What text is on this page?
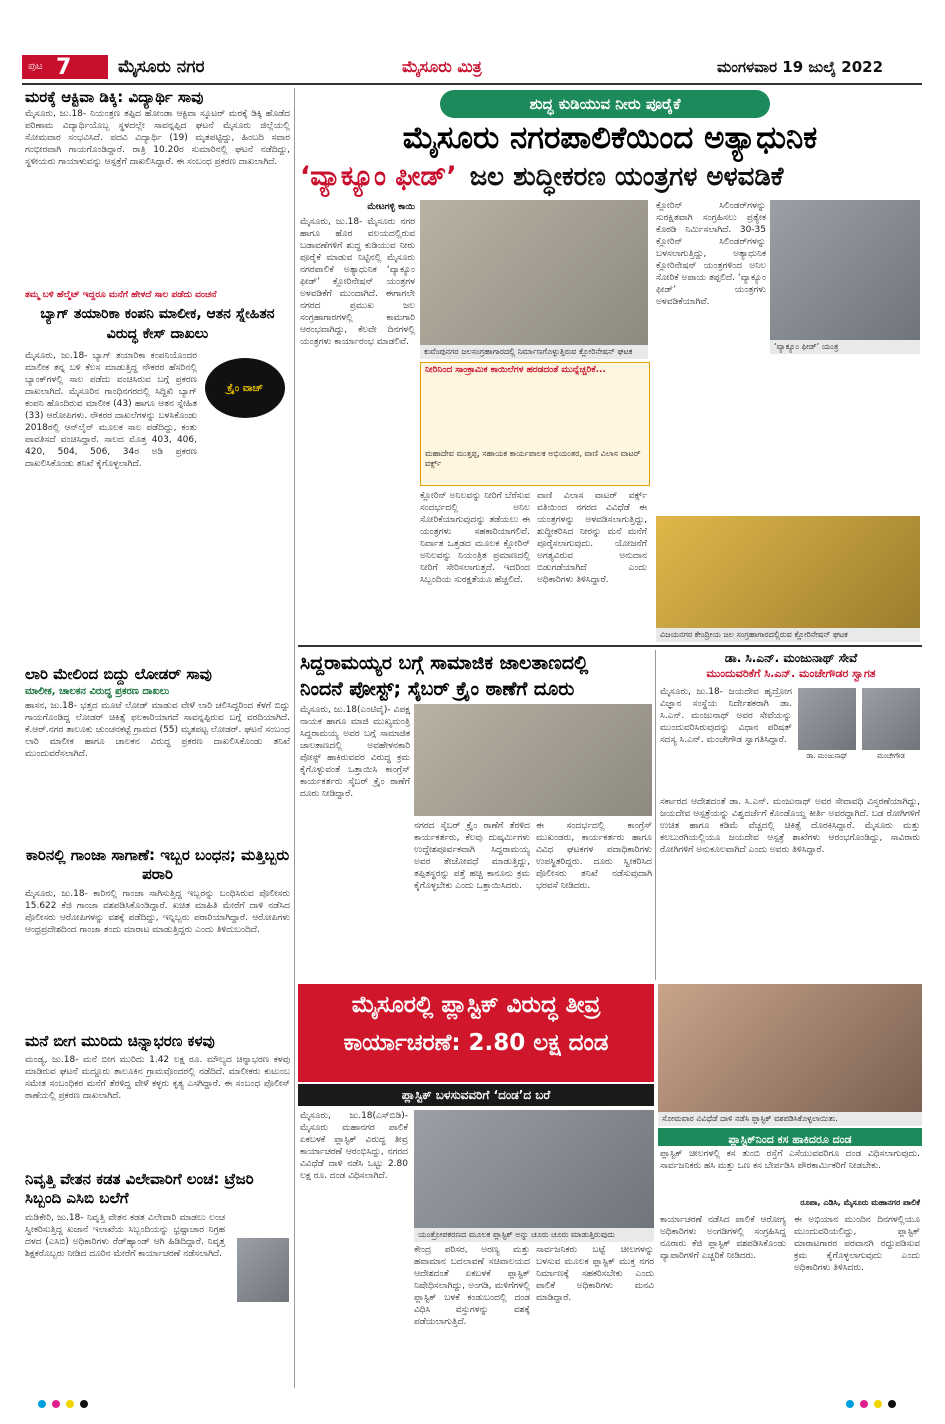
ಪುಟ 7	ಮೈಸೂರು ನಗರ	ಮೈಸೂರು ಮಿತ್ರ	ಮಂಗಳವಾರ 19 ಜುಲೈ 2022
ಮರಕ್ಕೆ ಆಕ್ಟಿವಾ ಡಿಕ್ಕಿ: ವಿದ್ಯಾರ್ಥಿ ಸಾವು
ಮೈಸೂರು, ಜು.18- ನಿಯಂತ್ರಣ ತಪ್ಪಿದ ಹೋಂಡಾ ಆಕ್ಟಿವಾ ಸ್ಕೂಟರ್ ಮರಕ್ಕೆ ಡಿಕ್ಕಿ ಹೊಡೆದ ಪರಿಣಾಮ ವಿದ್ಯಾರ್ಥಿಯೊಬ್ಬ ಸ್ಥಳದಲ್ಲೇ ಸಾವನ್ನಪ್ಪಿದ ಘಟನೆ ಮೈಸೂರು ಜಿಲ್ಲೆಯಲ್ಲಿ ಸೋಮವಾರ ಸಂಭವಿಸಿದೆ. ಪದವಿ ವಿದ್ಯಾರ್ಥಿ (19) ಮೃತಪಟ್ಟಿದ್ದು, ಹಿಂಬದಿ ಸವಾರ ಗಂಭೀರವಾಗಿ ಗಾಯಗೊಂಡಿದ್ದಾರೆ. ರಾತ್ರಿ 10.20ರ ಸುಮಾರಿನಲ್ಲಿ ಘಟನೆ ನಡೆದಿದ್ದು, ಸ್ಥಳೀಯರು ಗಾಯಾಳುವನ್ನು ಆಸ್ಪತ್ರೆಗೆ ದಾಖಲಿಸಿದ್ದಾರೆ. ಈ ಸಂಬಂಧ ಪ್ರಕರಣ ದಾಖಲಾಗಿದೆ.
ತಮ್ಮ ಬಳಿ ಹೆಲ್ಮೆಟ್ ಇದ್ದರೂ ಮನೆಗೆ ಹೇಳದೆ ಸಾಲ ಪಡೆದು ವಂಚನೆ
ಬ್ಯಾಗ್ ತಯಾರಿಕಾ ಕಂಪನಿ ಮಾಲೀಕ, ಆತನ ಸ್ನೇಹಿತನ ವಿರುದ್ಧ ಕೇಸ್ ದಾಖಲು
ಕ್ರೈಂ ವಾಚ್
ಮೈಸೂರು, ಜು.18- ಬ್ಯಾಗ್ ತಯಾರಿಕಾ ಕಂಪನಿಯೊಂದರ ಮಾಲೀಕ ತನ್ನ ಬಳಿ ಕೆಲಸ ಮಾಡುತ್ತಿದ್ದ ನೌಕರರ ಹೆಸರಿನಲ್ಲಿ ಬ್ಯಾಂಕ್‌ಗಳಲ್ಲಿ ಸಾಲ ಪಡೆದು ವಂಚಿಸಿರುವ ಬಗ್ಗೆ ಪ್ರಕರಣ ದಾಖಲಾಗಿದೆ. ಮೈಸೂರಿನ ಗಾಂಧಿನಗರದಲ್ಲಿ ಸಿದ್ದಿಖಿ ಬ್ಯಾಗ್ ಕಂಪನಿ ಹೊಂದಿರುವ ಮಾಲೀಕ (43) ಹಾಗೂ ಆತನ ಸ್ನೇಹಿತ (33) ಆರೋಪಿಗಳು. ನೌಕರರ ದಾಖಲೆಗಳನ್ನು ಬಳಸಿಕೊಂಡು 2018ರಲ್ಲಿ ಆನ್‌ಲೈನ್ ಮೂಲಕ ಸಾಲ ಪಡೆದಿದ್ದು, ಕಂತು ಪಾವತಿಸದೆ ವಂಚಿಸಿದ್ದಾರೆ. ಸಾಲದ ಮೊತ್ತ 403, 406, 420, 504, 506, 34ರ ಅಡಿ ಪ್ರಕರಣ ದಾಖಲಿಸಿಕೊಂಡು ತನಿಖೆ ಕೈಗೊಳ್ಳಲಾಗಿದೆ.
ಲಾರಿ ಮೇಲಿಂದ ಬಿದ್ದು ಲೋಡರ್ ಸಾವು
ಮಾಲೀಕ, ಚಾಲಕನ ವಿರುದ್ಧ ಪ್ರಕರಣ ದಾಖಲು
ಹಾಸನ, ಜು.18- ಭತ್ತದ ಮೂಟೆ ಲೋಡ್ ಮಾಡುವ ವೇಳೆ ಲಾರಿ ಚಲಿಸಿದ್ದರಿಂದ ಕೆಳಗೆ ಬಿದ್ದು ಗಾಯಗೊಂಡಿದ್ದ ಲೋಡರ್ ಚಿಕಿತ್ಸೆ ಫಲಕಾರಿಯಾಗದೆ ಸಾವನ್ನಪ್ಪಿರುವ ಬಗ್ಗೆ ವರದಿಯಾಗಿದೆ. ಕೆ.ಆರ್.ನಗರ ತಾಲೂಕು ಚುಂಚನಕಟ್ಟೆ ಗ್ರಾಮದ (55) ಮೃತಪಟ್ಟ ಲೋಡರ್. ಘಟನೆ ಸಂಬಂಧ ಲಾರಿ ಮಾಲೀಕ ಹಾಗೂ ಚಾಲಕನ ವಿರುದ್ಧ ಪ್ರಕರಣ ದಾಖಲಿಸಿಕೊಂಡು ತನಿಖೆ ಮುಂದುವರೆಸಲಾಗಿದೆ.
ಕಾರಿನಲ್ಲಿ ಗಾಂಜಾ ಸಾಗಾಣೆ: ಇಬ್ಬರ ಬಂಧನ; ಮತ್ತಿಬ್ಬರು ಪರಾರಿ
ಮೈಸೂರು, ಜು.18- ಕಾರಿನಲ್ಲಿ ಗಾಂಜಾ ಸಾಗಿಸುತ್ತಿದ್ದ ಇಬ್ಬರನ್ನು ಬಂಧಿಸಿರುವ ಪೊಲೀಸರು 15.622 ಕೆಜಿ ಗಾಂಜಾ ವಶಪಡಿಸಿಕೊಂಡಿದ್ದಾರೆ. ಖಚಿತ ಮಾಹಿತಿ ಮೇರೆಗೆ ದಾಳಿ ನಡೆಸಿದ ಪೊಲೀಸರು ಆರೋಪಿಗಳನ್ನು ವಶಕ್ಕೆ ಪಡೆದಿದ್ದು, ಇನ್ನಿಬ್ಬರು ಪರಾರಿಯಾಗಿದ್ದಾರೆ. ಆರೋಪಿಗಳು ಆಂಧ್ರಪ್ರದೇಶದಿಂದ ಗಾಂಜಾ ತಂದು ಮಾರಾಟ ಮಾಡುತ್ತಿದ್ದರು ಎಂದು ತಿಳಿದುಬಂದಿದೆ.
ಮನೆ ಬೀಗ ಮುರಿದು ಚಿನ್ನಾಭರಣ ಕಳವು
ಮಂಡ್ಯ, ಜು.18- ಮನೆ ಬೀಗ ಮುರಿದು 1.42 ಲಕ್ಷ ರೂ. ಮೌಲ್ಯದ ಚಿನ್ನಾಭರಣ ಕಳವು ಮಾಡಿರುವ ಘಟನೆ ಮದ್ದೂರು ತಾಲೂಕಿನ ಗ್ರಾಮವೊಂದರಲ್ಲಿ ನಡೆದಿದೆ. ಮಾಲೀಕರು ಕುಟುಂಬ ಸಮೇತ ಸಂಬಂಧಿಕರ ಮನೆಗೆ ತೆರಳಿದ್ದ ವೇಳೆ ಕಳ್ಳರು ಕೃತ್ಯ ಎಸಗಿದ್ದಾರೆ. ಈ ಸಂಬಂಧ ಪೊಲೀಸ್ ಠಾಣೆಯಲ್ಲಿ ಪ್ರಕರಣ ದಾಖಲಾಗಿದೆ.
ನಿವೃತ್ತಿ ವೇತನ ಕಡತ ವಿಲೇವಾರಿಗೆ ಲಂಚ: ಟ್ರೆಜರಿ ಸಿಬ್ಬಂದಿ ಎಸಿಬಿ ಬಲೆಗೆ
ಮಡಿಕೇರಿ, ಜು.18- ನಿವೃತ್ತಿ ವೇತನ ಕಡತ ವಿಲೇವಾರಿ ಮಾಡಲು ಲಂಚ ಸ್ವೀಕರಿಸುತ್ತಿದ್ದ ಖಜಾನೆ ಇಲಾಖೆಯ ಸಿಬ್ಬಂದಿಯನ್ನು ಭ್ರಷ್ಟಾಚಾರ ನಿಗ್ರಹ ದಳದ (ಎಸಿಬಿ) ಅಧಿಕಾರಿಗಳು ರೆಡ್‌ಹ್ಯಾಂಡ್ ಆಗಿ ಹಿಡಿದಿದ್ದಾರೆ. ನಿವೃತ್ತ ಶಿಕ್ಷಕರೊಬ್ಬರು ನೀಡಿದ ದೂರಿನ ಮೇರೆಗೆ ಕಾರ್ಯಾಚರಣೆ ನಡೆಸಲಾಗಿದೆ.
ಶುದ್ಧ ಕುಡಿಯುವ ನೀರು ಪೂರೈಕೆ
ಮೈಸೂರು ನಗರಪಾಲಿಕೆಯಿಂದ ಅತ್ಯಾಧುನಿಕ
‘ವ್ಯಾಕ್ಯೂಂ ಫೀಡ್’ ಜಲ ಶುದ್ಧೀಕರಣ ಯಂತ್ರಗಳ ಅಳವಡಿಕೆ
ಕುವೆಂಪುನಗರ ಜಲಸಂಗ್ರಹಾಗಾರದಲ್ಲಿ ನಿರ್ಮಾಣಗೊಳ್ಳುತ್ತಿರುವ ಕ್ಲೋರಿನೇಷನ್ ಘಟಕ
ಮೇಟಗಳ್ಳಿ ಕಾಯಿ
ಮೈಸೂರು, ಜು.18- ಮೈಸೂರು ನಗರ ಹಾಗೂ ಹೊರ ವಲಯದಲ್ಲಿರುವ ಬಡಾವಣೆಗಳಿಗೆ ಶುದ್ಧ ಕುಡಿಯುವ ನೀರು ಪೂರೈಕೆ ಮಾಡುವ ನಿಟ್ಟಿನಲ್ಲಿ ಮೈಸೂರು ನಗರಪಾಲಿಕೆ ಅತ್ಯಾಧುನಿಕ ‘ವ್ಯಾಕ್ಯೂಂ ಫೀಡ್’ ಕ್ಲೋರಿನೇಷನ್ ಯಂತ್ರಗಳ ಅಳವಡಿಕೆಗೆ ಮುಂದಾಗಿದೆ. ಈಗಾಗಲೇ ನಗರದ ಪ್ರಮುಖ ಜಲ ಸಂಗ್ರಹಾಗಾರಗಳಲ್ಲಿ ಕಾಮಗಾರಿ ಆರಂಭವಾಗಿದ್ದು, ಕೆಲವೇ ದಿನಗಳಲ್ಲಿ ಯಂತ್ರಗಳು ಕಾರ್ಯಾರಂಭ ಮಾಡಲಿವೆ.
ನೀರಿನಿಂದ ಸಾಂಕ್ರಾಮಿಕ ಕಾಯಿಲೆಗಳ ಹರಡದಂತೆ ಮುನ್ನೆಚ್ಚರಿಕೆ...
ಮಹಾದೇವ ಮುತ್ತಪ್ಪ, ಸಹಾಯಕ ಕಾರ್ಯಪಾಲಕ ಅಭಿಯಂತರ, ವಾಣಿ ವಿಲಾಸ ವಾಟರ್ ವರ್ಕ್ಸ್
ಕ್ಲೋರಿನ್ ಅನಿಲವನ್ನು ನೀರಿಗೆ ಬೆರೆಸುವ ಸಂದರ್ಭದಲ್ಲಿ ಅನಿಲ ಸೋರಿಕೆಯಾಗುವುದನ್ನು ತಡೆಯಲು ಈ ಯಂತ್ರಗಳು ಸಹಕಾರಿಯಾಗಲಿವೆ. ನಿರ್ವಾತ ಒತ್ತಡದ ಮೂಲಕ ಕ್ಲೋರಿನ್ ಅನಿಲವನ್ನು ನಿಯಂತ್ರಿತ ಪ್ರಮಾಣದಲ್ಲಿ ನೀರಿಗೆ ಸೇರಿಸಲಾಗುತ್ತದೆ. ಇದರಿಂದ ಸಿಬ್ಬಂದಿಯ ಸುರಕ್ಷತೆಯೂ ಹೆಚ್ಚಲಿದೆ.
ವಾಣಿ ವಿಲಾಸ ವಾಟರ್ ವರ್ಕ್ಸ್ ವತಿಯಿಂದ ನಗರದ ವಿವಿಧೆಡೆ ಈ ಯಂತ್ರಗಳನ್ನು ಅಳವಡಿಸಲಾಗುತ್ತಿದ್ದು, ಶುದ್ಧೀಕರಿಸಿದ ನೀರನ್ನು ಮನೆ ಮನೆಗೆ ಪೂರೈಸಲಾಗುವುದು. ಯೋಜನೆಗೆ ಅಗತ್ಯವಿರುವ ಅನುದಾನ ಬಿಡುಗಡೆಯಾಗಿದೆ ಎಂದು ಅಧಿಕಾರಿಗಳು ತಿಳಿಸಿದ್ದಾರೆ.
ಕ್ಲೋರಿನ್ ಸಿಲಿಂಡರ್‌ಗಳನ್ನು ಸುರಕ್ಷಿತವಾಗಿ ಸಂಗ್ರಹಿಸಲು ಪ್ರತ್ಯೇಕ ಕೊಠಡಿ ನಿರ್ಮಿಸಲಾಗಿದೆ. 30-35 ಕ್ಲೋರಿನ್ ಸಿಲಿಂಡರ್‌ಗಳನ್ನು ಬಳಸಲಾಗುತ್ತಿದ್ದು, ಅತ್ಯಾಧುನಿಕ ಕ್ಲೋರಿನೇಷನ್ ಯಂತ್ರಗಳಿಂದ ಅನಿಲ ಸೋರಿಕೆ ಅಪಾಯ ತಪ್ಪಲಿದೆ. ‘ವ್ಯಾಕ್ಯೂಂ ಫೀಡ್’ ಯಂತ್ರಗಳು ಅಳವಡಿಕೆಯಾಗಿವೆ.
‘ವ್ಯಾಕ್ಯೂಂ ಫೀಡ್’ ಯಂತ್ರ
ವಿಜಯನಗರ ಕೇಂದ್ರೀಯ ಜಲ ಸಂಗ್ರಹಾಗಾರದಲ್ಲಿರುವ ಕ್ಲೋರಿನೇಷನ್ ಘಟಕ
ಸಿದ್ದರಾಮಯ್ಯರ ಬಗ್ಗೆ ಸಾಮಾಜಿಕ ಜಾಲತಾಣದಲ್ಲಿ
ನಿಂದನೆ ಪೋಸ್ಟ್; ಸೈಬರ್ ಕ್ರೈಂ ಠಾಣೆಗೆ ದೂರು
ಮೈಸೂರು, ಜು.18(ಎಂಟಿವೈ)- ವಿಪಕ್ಷ ನಾಯಕ ಹಾಗೂ ಮಾಜಿ ಮುಖ್ಯಮಂತ್ರಿ ಸಿದ್ದರಾಮಯ್ಯ ಅವರ ಬಗ್ಗೆ ಸಾಮಾಜಿಕ ಜಾಲತಾಣದಲ್ಲಿ ಅವಹೇಳನಕಾರಿ ಪೋಸ್ಟ್ ಹಾಕಿರುವವರ ವಿರುದ್ಧ ಕ್ರಮ ಕೈಗೊಳ್ಳುವಂತೆ ಒತ್ತಾಯಿಸಿ ಕಾಂಗ್ರೆಸ್ ಕಾರ್ಯಕರ್ತರು ಸೈಬರ್ ಕ್ರೈಂ ಠಾಣೆಗೆ ದೂರು ನೀಡಿದ್ದಾರೆ.
ನಗರದ ಸೈಬರ್ ಕ್ರೈಂ ಠಾಣೆಗೆ ತೆರಳಿದ ಕಾರ್ಯಕರ್ತರು, ಕೆಲವು ದುಷ್ಕರ್ಮಿಗಳು ಉದ್ದೇಶಪೂರ್ವಕವಾಗಿ ಸಿದ್ದರಾಮಯ್ಯ ಅವರ ತೇಜೋವಧೆ ಮಾಡುತ್ತಿದ್ದು, ತಪ್ಪಿತಸ್ಥರನ್ನು ಪತ್ತೆ ಹಚ್ಚಿ ಕಾನೂನು ಕ್ರಮ ಕೈಗೊಳ್ಳಬೇಕು ಎಂದು ಒತ್ತಾಯಿಸಿದರು.
ಈ ಸಂದರ್ಭದಲ್ಲಿ ಕಾಂಗ್ರೆಸ್ ಮುಖಂಡರು, ಕಾರ್ಯಕರ್ತರು ಹಾಗೂ ವಿವಿಧ ಘಟಕಗಳ ಪದಾಧಿಕಾರಿಗಳು ಉಪಸ್ಥಿತರಿದ್ದರು. ದೂರು ಸ್ವೀಕರಿಸಿದ ಪೊಲೀಸರು ತನಿಖೆ ನಡೆಸುವುದಾಗಿ ಭರವಸೆ ನೀಡಿದರು.
ಡಾ. ಸಿ.ಎನ್. ಮಂಜುನಾಥ್ ಸೇವೆ
ಮುಂದುವರಿಕೆಗೆ ಸಿ.ಎನ್. ಮಂಚೇಗೌಡರ ಸ್ವಾಗತ
ಮೈಸೂರು, ಜು.18- ಜಯದೇವ ಹೃದ್ರೋಗ ವಿಜ್ಞಾನ ಸಂಸ್ಥೆಯ ನಿರ್ದೇಶಕರಾಗಿ ಡಾ. ಸಿ.ಎನ್. ಮಂಜುನಾಥ್ ಅವರ ಸೇವೆಯನ್ನು ಮುಂದುವರಿಸಿರುವುದನ್ನು ವಿಧಾನ ಪರಿಷತ್ ಸದಸ್ಯ ಸಿ.ಎನ್. ಮಂಚೇಗೌಡ ಸ್ವಾಗತಿಸಿದ್ದಾರೆ.
ಡಾ. ಮಂಜುನಾಥ್	ಮಂಚೇಗೌಡ
ಸರ್ಕಾರದ ಆದೇಶದಂತೆ ಡಾ. ಸಿ.ಎನ್. ಮಂಜುನಾಥ್ ಅವರ ಸೇವಾವಧಿ ವಿಸ್ತರಣೆಯಾಗಿದ್ದು, ಜಯದೇವ ಆಸ್ಪತ್ರೆಯನ್ನು ವಿಶ್ವದರ್ಜೆಗೆ ಕೊಂಡೊಯ್ದ ಕೀರ್ತಿ ಅವರದ್ದಾಗಿದೆ. ಬಡ ರೋಗಿಗಳಿಗೆ ಉಚಿತ ಹಾಗೂ ಕಡಿಮೆ ವೆಚ್ಚದಲ್ಲಿ ಚಿಕಿತ್ಸೆ ದೊರಕಿಸಿದ್ದಾರೆ. ಮೈಸೂರು ಮತ್ತು ಕಲಬುರಗಿಯಲ್ಲಿಯೂ ಜಯದೇವ ಆಸ್ಪತ್ರೆ ಶಾಖೆಗಳು ಆರಂಭಗೊಂಡಿದ್ದು, ಸಾವಿರಾರು ರೋಗಿಗಳಿಗೆ ಅನುಕೂಲವಾಗಿದೆ ಎಂದು ಅವರು ತಿಳಿಸಿದ್ದಾರೆ.
ಮೈಸೂರಲ್ಲಿ ಪ್ಲಾಸ್ಟಿಕ್ ವಿರುದ್ಧ ತೀವ್ರ
ಕಾರ್ಯಾಚರಣೆ: 2.80 ಲಕ್ಷ ದಂಡ
ಪ್ಲಾಸ್ಟಿಕ್ ಬಳಸುವವರಿಗೆ ‘ದಂಡ’ದ ಬರೆ
ಮೈಸೂರು, ಜು.18(ಎಸ್‌ಬಿಡಿ)- ಮೈಸೂರು ಮಹಾನಗರ ಪಾಲಿಕೆ ಏಕಬಳಕೆ ಪ್ಲಾಸ್ಟಿಕ್ ವಿರುದ್ಧ ತೀವ್ರ ಕಾರ್ಯಾಚರಣೆ ಆರಂಭಿಸಿದ್ದು, ನಗರದ ವಿವಿಧೆಡೆ ದಾಳಿ ನಡೆಸಿ ಒಟ್ಟು 2.80 ಲಕ್ಷ ರೂ. ದಂಡ ವಿಧಿಸಲಾಗಿದೆ.
ಯಂತ್ರೋಪಕರಣದ ಮೂಲಕ ಪ್ಲಾಸ್ಟಿಕ್ ಅನ್ನು ಚೂರು ಚೂರು ಮಾಡುತ್ತಿರುವುದು
ಕೇಂದ್ರ ಪರಿಸರ, ಅರಣ್ಯ ಮತ್ತು ಹವಾಮಾನ ಬದಲಾವಣೆ ಸಚಿವಾಲಯದ ಆದೇಶದಂತೆ ಏಕಬಳಕೆ ಪ್ಲಾಸ್ಟಿಕ್ ನಿಷೇಧಿಸಲಾಗಿದ್ದು, ಅಂಗಡಿ, ಮಳಿಗೆಗಳಲ್ಲಿ ಪ್ಲಾಸ್ಟಿಕ್ ಬಳಕೆ ಕಂಡುಬಂದಲ್ಲಿ ದಂಡ ವಿಧಿಸಿ ವಸ್ತುಗಳನ್ನು ವಶಕ್ಕೆ ಪಡೆಯಲಾಗುತ್ತಿದೆ.
ಸಾರ್ವಜನಿಕರು ಬಟ್ಟೆ ಚೀಲಗಳನ್ನು ಬಳಸುವ ಮೂಲಕ ಪ್ಲಾಸ್ಟಿಕ್ ಮುಕ್ತ ನಗರ ನಿರ್ಮಾಣಕ್ಕೆ ಸಹಕರಿಸಬೇಕು ಎಂದು ಪಾಲಿಕೆ ಅಧಿಕಾರಿಗಳು ಮನವಿ ಮಾಡಿದ್ದಾರೆ.
ಸೋಮವಾರ ವಿವಿಧೆಡೆ ದಾಳಿ ನಡೆಸಿ ಪ್ಲಾಸ್ಟಿಕ್ ವಶಪಡಿಸಿಕೊಳ್ಳಲಾಯಿತು.
ಪ್ಲಾಸ್ಟಿಕ್‌ನಿಂದ ಕಸ ಹಾಕಿದರೂ ದಂಡ
ಪ್ಲಾಸ್ಟಿಕ್ ಚೀಲಗಳಲ್ಲಿ ಕಸ ತುಂಬಿ ರಸ್ತೆಗೆ ಎಸೆಯುವವರಿಗೂ ದಂಡ ವಿಧಿಸಲಾಗುವುದು. ಸಾರ್ವಜನಿಕರು ಹಸಿ ಮತ್ತು ಒಣ ಕಸ ಬೇರ್ಪಡಿಸಿ ಪೌರಕಾರ್ಮಿಕರಿಗೆ ನೀಡಬೇಕು.
ರೂಪಾ, ಎಡಿಸಿ, ಮೈಸೂರು ಮಹಾನಗರ ಪಾಲಿಕೆ
ಕಾರ್ಯಾಚರಣೆ ನಡೆಸಿದ ಪಾಲಿಕೆ ಆರೋಗ್ಯ ಅಧಿಕಾರಿಗಳು ಅಂಗಡಿಗಳಲ್ಲಿ ಸಂಗ್ರಹಿಸಿದ್ದ ನೂರಾರು ಕೆಜಿ ಪ್ಲಾಸ್ಟಿಕ್ ವಶಪಡಿಸಿಕೊಂಡು ವ್ಯಾಪಾರಿಗಳಿಗೆ ಎಚ್ಚರಿಕೆ ನೀಡಿದರು.
ಈ ಅಭಿಯಾನ ಮುಂದಿನ ದಿನಗಳಲ್ಲಿಯೂ ಮುಂದುವರಿಯಲಿದ್ದು, ಪ್ಲಾಸ್ಟಿಕ್ ಮಾರಾಟಗಾರರ ಪರವಾನಗಿ ರದ್ದುಪಡಿಸುವ ಕ್ರಮ ಕೈಗೊಳ್ಳಲಾಗುವುದು ಎಂದು ಅಧಿಕಾರಿಗಳು ತಿಳಿಸಿದರು.
